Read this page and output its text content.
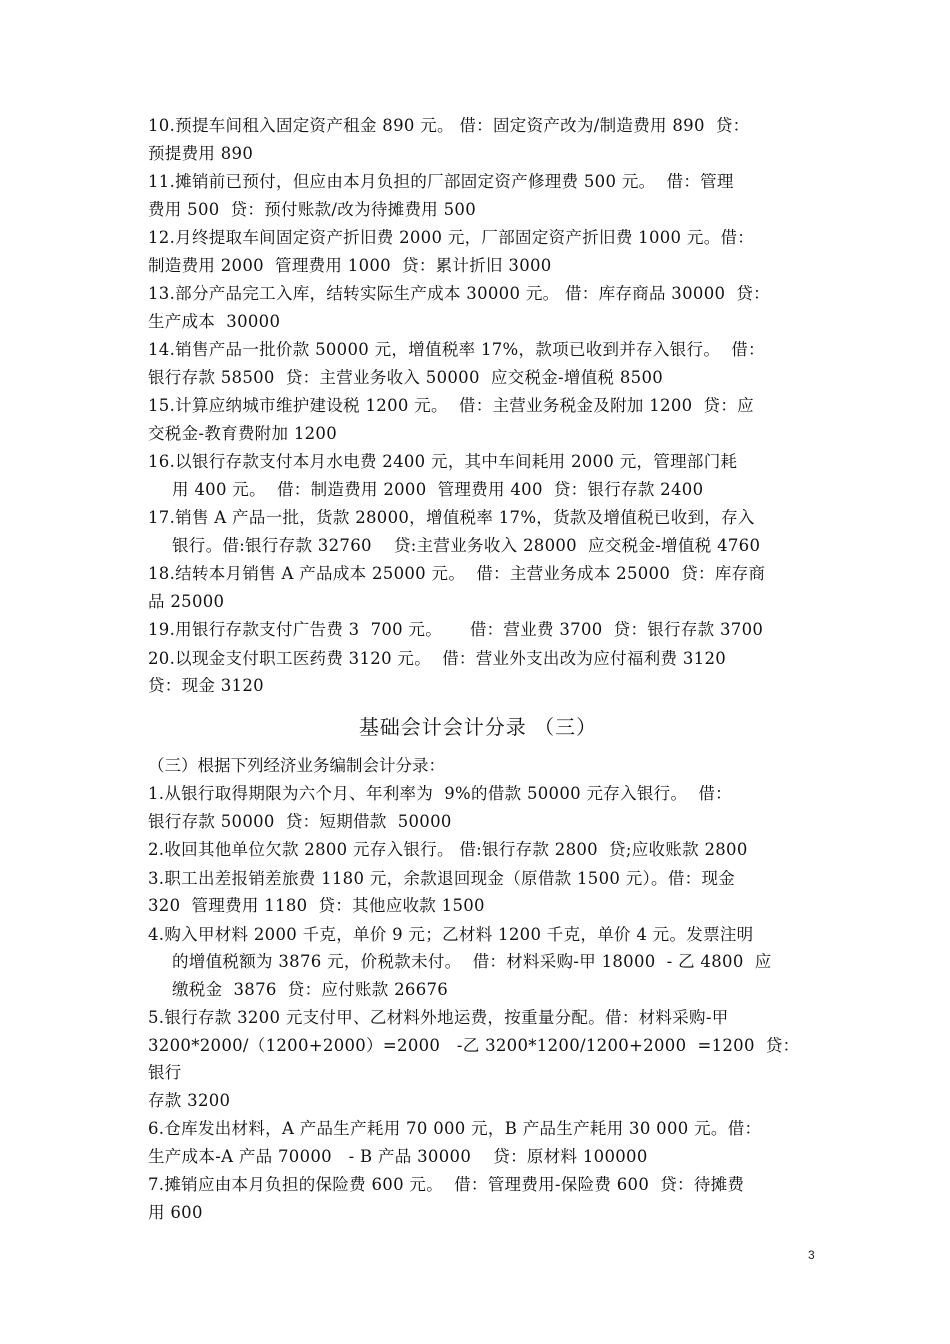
10.预提车间租入固定资产租金 890 元。 借：固定资产改为/制造费用 890  贷：
预提费用 890
11.摊销前已预付，但应由本月负担的厂部固定资产修理费 500 元。  借：管理
费用 500  贷：预付账款/改为待摊费用 500
12.月终提取车间固定资产折旧费 2000 元，厂部固定资产折旧费 1000 元。借：
制造费用 2000  管理费用 1000  贷：累计折旧 3000
13.部分产品完工入库，结转实际生产成本 30000 元。 借：库存商品 30000  贷：
生产成本  30000
14.销售产品一批价款 50000 元，增值税率 17%，款项已收到并存入银行。  借：
银行存款 58500  贷：主营业务收入 50000  应交税金-增值税 8500
15.计算应纳城市维护建设税 1200 元。  借：主营业务税金及附加 1200  贷：应
交税金-教育费附加 1200
16.以银行存款支付本月水电费 2400 元，其中车间耗用 2000 元，管理部门耗
用 400 元。  借：制造费用 2000  管理费用 400  贷：银行存款 2400
17.销售 A 产品一批，货款 28000，增值税率 17%，货款及增值税已收到，存入
银行。借:银行存款 32760    贷:主营业务收入 28000  应交税金-增值税 4760
18.结转本月销售 A 产品成本 25000 元。  借：主营业务成本 25000  贷：库存商
品 25000
19.用银行存款支付广告费 3  700 元。     借：营业费 3700  贷：银行存款 3700
20.以现金支付职工医药费 3120 元。  借：营业外支出改为应付福利费 3120
贷：现金 3120
基础会计会计分录 （三）
（三）根据下列经济业务编制会计分录：
1.从银行取得期限为六个月、年利率为  9%的借款 50000 元存入银行。  借：
银行存款 50000  贷：短期借款  50000
2.收回其他单位欠款 2800 元存入银行。 借:银行存款 2800  贷;应收账款 2800
3.职工出差报销差旅费 1180 元，余款退回现金（原借款 1500 元）。借：现金
320  管理费用 1180  贷：其他应收款 1500
4.购入甲材料 2000 千克，单价 9 元；乙材料 1200 千克，单价 4 元。发票注明
的增值税额为 3876 元，价税款未付。  借：材料采购-甲 18000  - 乙 4800  应
缴税金  3876  贷：应付账款 26676
5.银行存款 3200 元支付甲、乙材料外地运费，按重量分配。借：材料采购-甲
3200*2000/（1200+2000）=2000   -乙 3200*1200/1200+2000  =1200  贷：银行
存款 3200
6.仓库发出材料，A 产品生产耗用 70 000 元，B 产品生产耗用 30 000 元。借：
生产成本-A 产品 70000   - B 产品 30000    贷：原材料 100000
7.摊销应由本月负担的保险费 600 元。  借：管理费用-保险费 600  贷：待摊费
用 600
3
